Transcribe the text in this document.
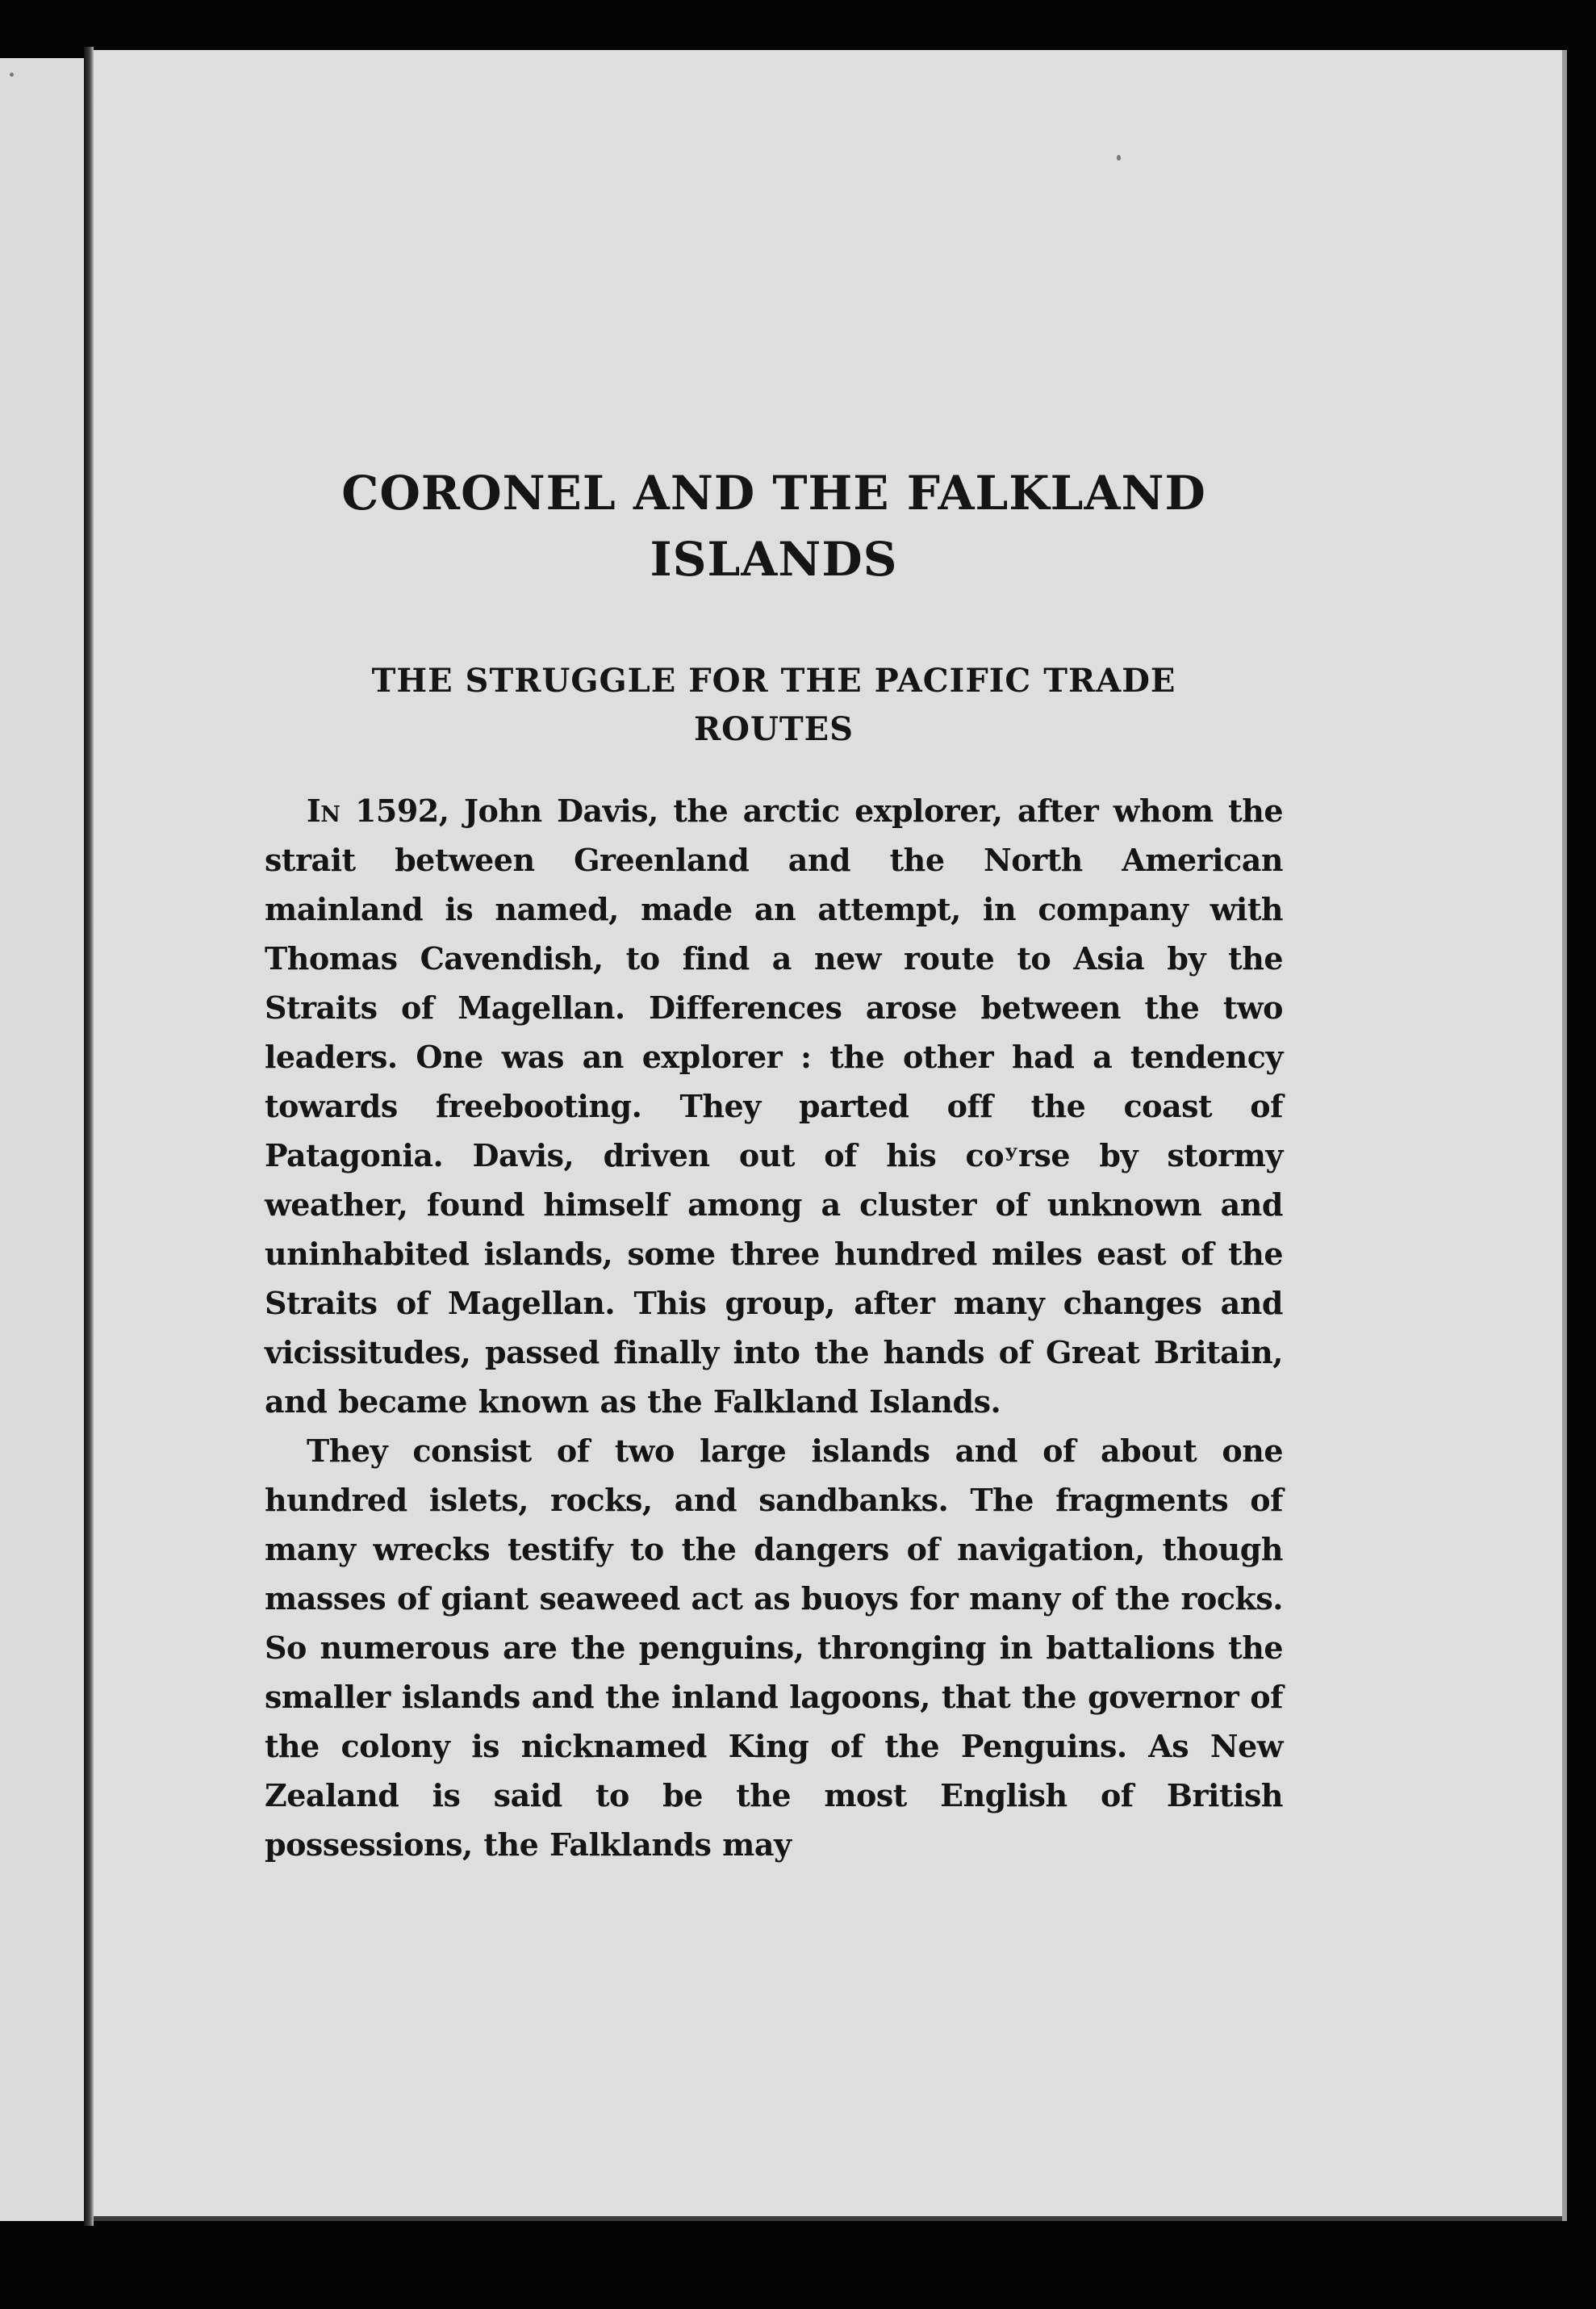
CORONEL AND THE FALKLAND
ISLANDS
THE STRUGGLE FOR THE PACIFIC TRADE
ROUTES

In 1592, John Davis, the arctic explorer, after whom the strait between Greenland and the North American mainland is named, made an attempt, in company with Thomas Cavendish, to find a new route to Asia by the Straits of Magellan. Differences arose between the two leaders. One was an explorer : the other had a tendency towards freebooting. They parted off the coast of Patagonia. Davis, driven out of his coʸrse by stormy weather, found himself among a cluster of unknown and uninhabited islands, some three hundred miles east of the Straits of Magellan. This group, after many changes and vicissitudes, passed finally into the hands of Great Britain, and became known as the Falkland Islands.

They consist of two large islands and of about one hundred islets, rocks, and sandbanks. The fragments of many wrecks testify to the dangers of navigation, though masses of giant seaweed act as buoys for many of the rocks. So numerous are the penguins, thronging in battalions the smaller islands and the inland lagoons, that the governor of the colony is nicknamed King of the Penguins. As New Zealand is said to be the most English of British possessions, the Falklands may
